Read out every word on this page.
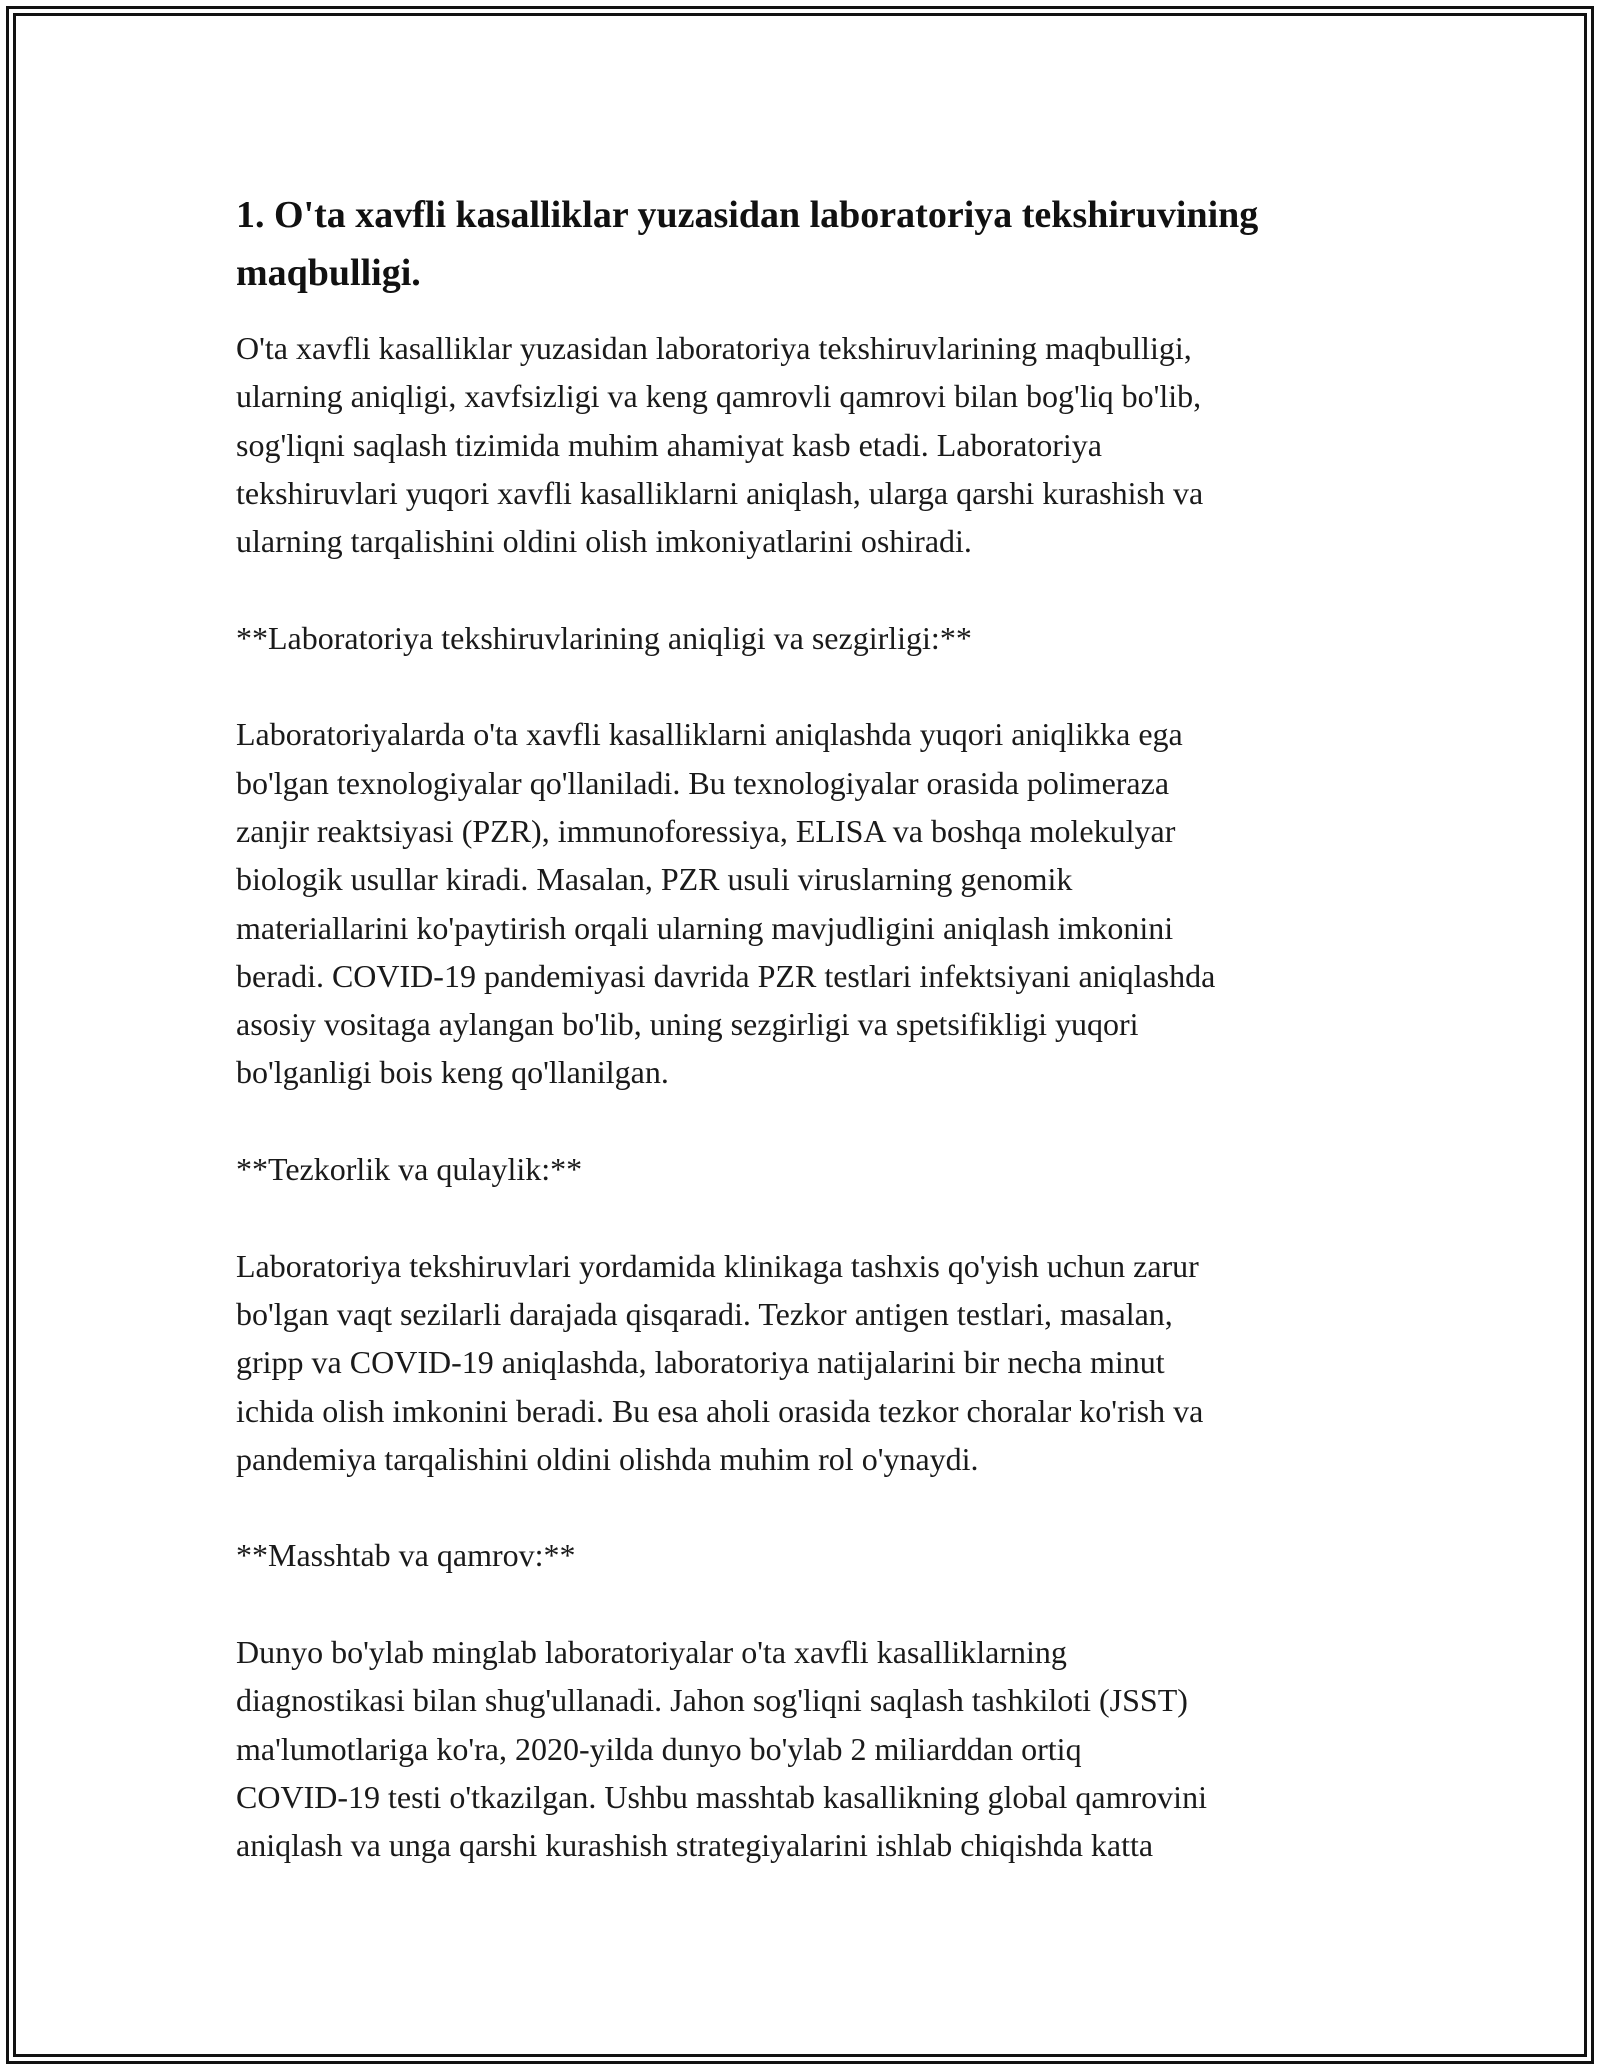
1. O'ta xavfli kasalliklar yuzasidan laboratoriya tekshiruvining
maqbulligi.

O'ta xavfli kasalliklar yuzasidan laboratoriya tekshiruvlarining maqbulligi,
ularning aniqligi, xavfsizligi va keng qamrovli qamrovi bilan bog'liq bo'lib,
sog'liqni saqlash tizimida muhim ahamiyat kasb etadi. Laboratoriya
tekshiruvlari yuqori xavfli kasalliklarni aniqlash, ularga qarshi kurashish va
ularning tarqalishini oldini olish imkoniyatlarini oshiradi.

**Laboratoriya tekshiruvlarining aniqligi va sezgirligi:**

Laboratoriyalarda o'ta xavfli kasalliklarni aniqlashda yuqori aniqlikka ega
bo'lgan texnologiyalar qo'llaniladi. Bu texnologiyalar orasida polimeraza
zanjir reaktsiyasi (PZR), immunoforessiya, ELISA va boshqa molekulyar
biologik usullar kiradi. Masalan, PZR usuli viruslarning genomik
materiallarini ko'paytirish orqali ularning mavjudligini aniqlash imkonini
beradi. COVID-19 pandemiyasi davrida PZR testlari infektsiyani aniqlashda
asosiy vositaga aylangan bo'lib, uning sezgirligi va spetsifikligi yuqori
bo'lganligi bois keng qo'llanilgan.

**Tezkorlik va qulaylik:**

Laboratoriya tekshiruvlari yordamida klinikaga tashxis qo'yish uchun zarur
bo'lgan vaqt sezilarli darajada qisqaradi. Tezkor antigen testlari, masalan,
gripp va COVID-19 aniqlashda, laboratoriya natijalarini bir necha minut
ichida olish imkonini beradi. Bu esa aholi orasida tezkor choralar ko'rish va
pandemiya tarqalishini oldini olishda muhim rol o'ynaydi.

**Masshtab va qamrov:**

Dunyo bo'ylab minglab laboratoriyalar o'ta xavfli kasalliklarning
diagnostikasi bilan shug'ullanadi. Jahon sog'liqni saqlash tashkiloti (JSST)
ma'lumotlariga ko'ra, 2020-yilda dunyo bo'ylab 2 miliarddan ortiq
COVID-19 testi o'tkazilgan. Ushbu masshtab kasallikning global qamrovini
aniqlash va unga qarshi kurashish strategiyalarini ishlab chiqishda katta
